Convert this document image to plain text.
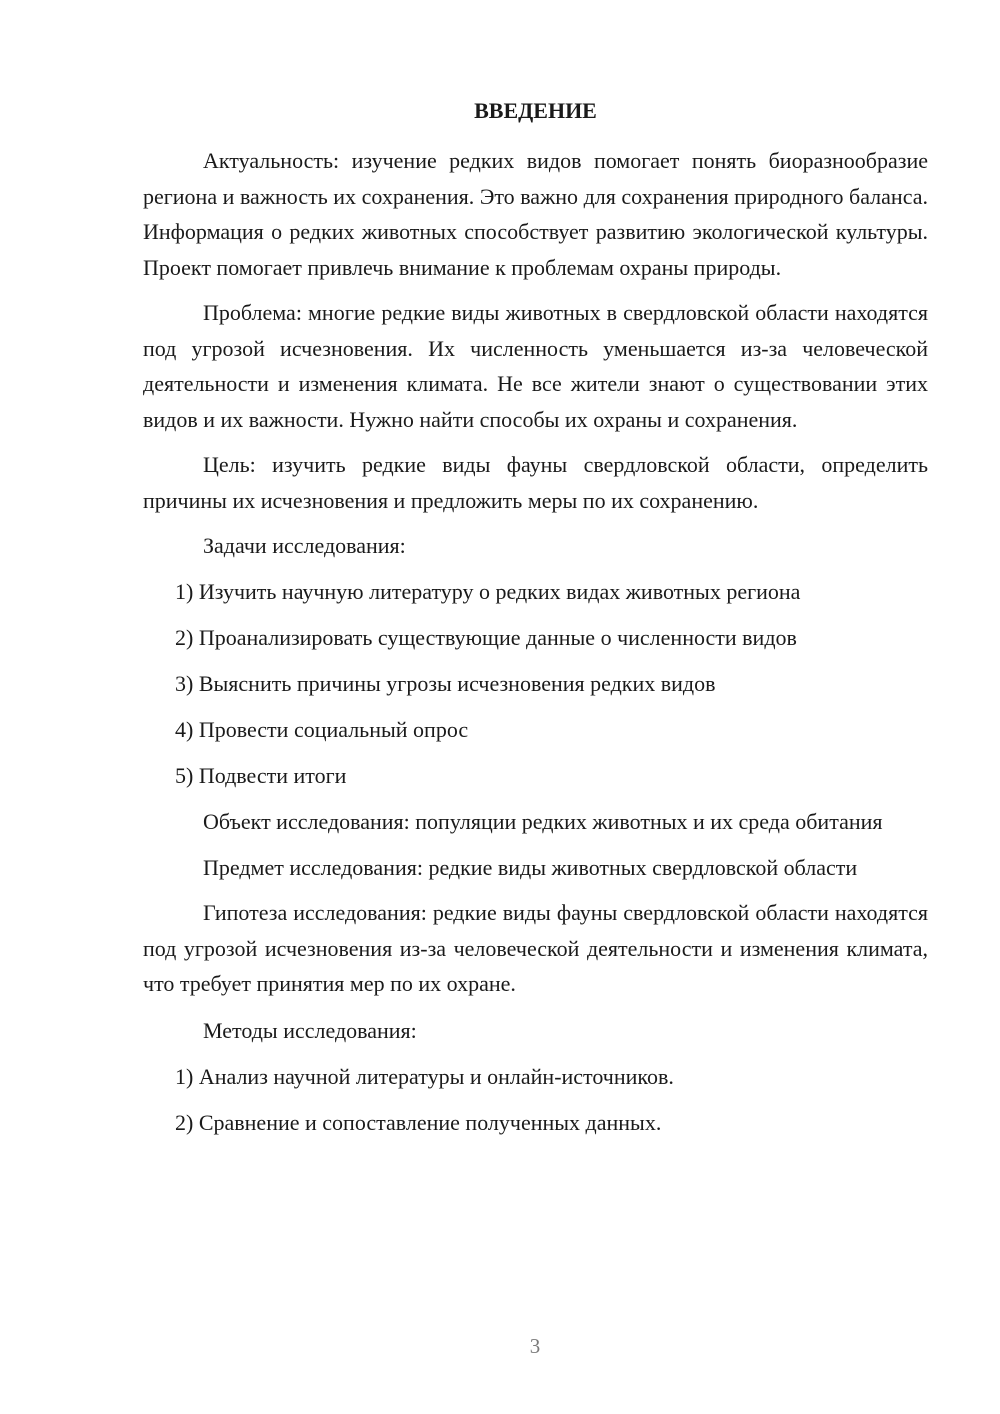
ВВЕДЕНИЕ

Актуальность: изучение редких видов помогает понять биоразнообразие региона и важность их сохранения. Это важно для сохранения природного баланса. Информация о редких животных способствует развитию экологической культуры. Проект помогает привлечь внимание к проблемам охраны природы.

Проблема: многие редкие виды животных в свердловской области находятся под угрозой исчезновения. Их численность уменьшается из-за человеческой деятельности и изменения климата. Не все жители знают о существовании этих видов и их важности. Нужно найти способы их охраны и сохранения.

Цель: изучить редкие виды фауны свердловской области, определить причины их исчезновения и предложить меры по их сохранению.

Задачи исследования:

1) Изучить научную литературу о редких видах животных региона

2) Проанализировать существующие данные о численности видов

3) Выяснить причины угрозы исчезновения редких видов

4) Провести социальный опрос

5) Подвести итоги

Объект исследования: популяции редких животных и их среда обитания

Предмет исследования: редкие виды животных свердловской области

Гипотеза исследования: редкие виды фауны свердловской области находятся под угрозой исчезновения из-за человеческой деятельности и изменения климата, что требует принятия мер по их охране.

Методы исследования:

1) Анализ научной литературы и онлайн-источников.

2) Сравнение и сопоставление полученных данных.

3
